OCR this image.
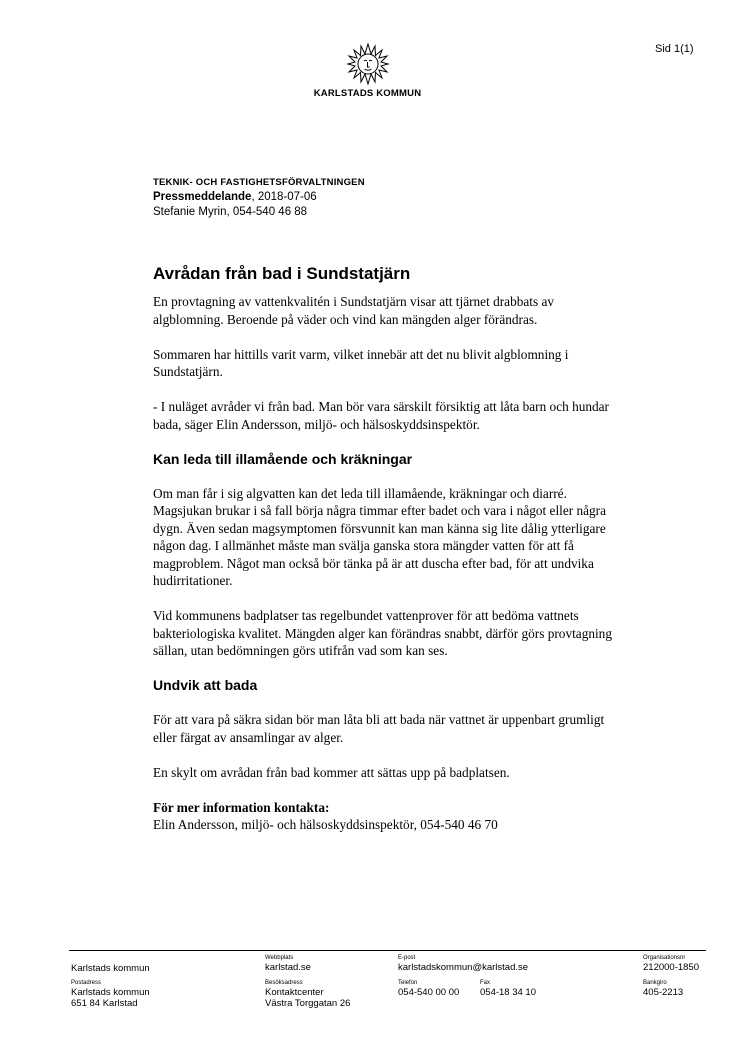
Sid 1(1)
KARLSTADS KOMMUN
TEKNIK- OCH FASTIGHETSFÖRVALTNINGEN
Pressmeddelande, 2018-07-06
Stefanie Myrin, 054-540 46 88
Avrådan från bad i Sundstatjärn

En provtagning av vattenkvalitén i Sundstatjärn visar att tjärnet drabbats av algblomning. Beroende på väder och vind kan mängden alger förändras.

Sommaren har hittills varit varm, vilket innebär att det nu blivit algblomning i Sundstatjärn.

- I nuläget avråder vi från bad. Man bör vara särskilt försiktig att låta barn och hundar bada, säger Elin Andersson, miljö- och hälsoskyddsinspektör.

Kan leda till illamående och kräkningar

Om man får i sig algvatten kan det leda till illamående, kräkningar och diarré. Magsjukan brukar i så fall börja några timmar efter badet och vara i något eller några dygn. Även sedan magsymptomen försvunnit kan man känna sig lite dålig ytterligare någon dag. I allmänhet måste man svälja ganska stora mängder vatten för att få magproblem. Något man också bör tänka på är att duscha efter bad, för att undvika hudirritationer.

Vid kommunens badplatser tas regelbundet vattenprover för att bedöma vattnets bakteriologiska kvalitet. Mängden alger kan förändras snabbt, därför görs provtagning sällan, utan bedömningen görs utifrån vad som kan ses.

Undvik att bada

För att vara på säkra sidan bör man låta bli att bada när vattnet är uppenbart grumligt eller färgat av ansamlingar av alger.

En skylt om avrådan från bad kommer att sättas upp på badplatsen.

För mer information kontakta:
Elin Andersson, miljö- och hälsoskyddsinspektör, 054-540 46 70

Karlstads kommun
Webbplats
karlstad.se
E-post
karlstadskommun@karlstad.se
Organisationsnr
212000-1850
Postadress
Karlstads kommun
651 84 Karlstad
Besöksadress
Kontaktcenter
Västra Torggatan 26
Telefon
054-540 00 00
Fax
054-18 34 10
Bankgiro
405-2213
